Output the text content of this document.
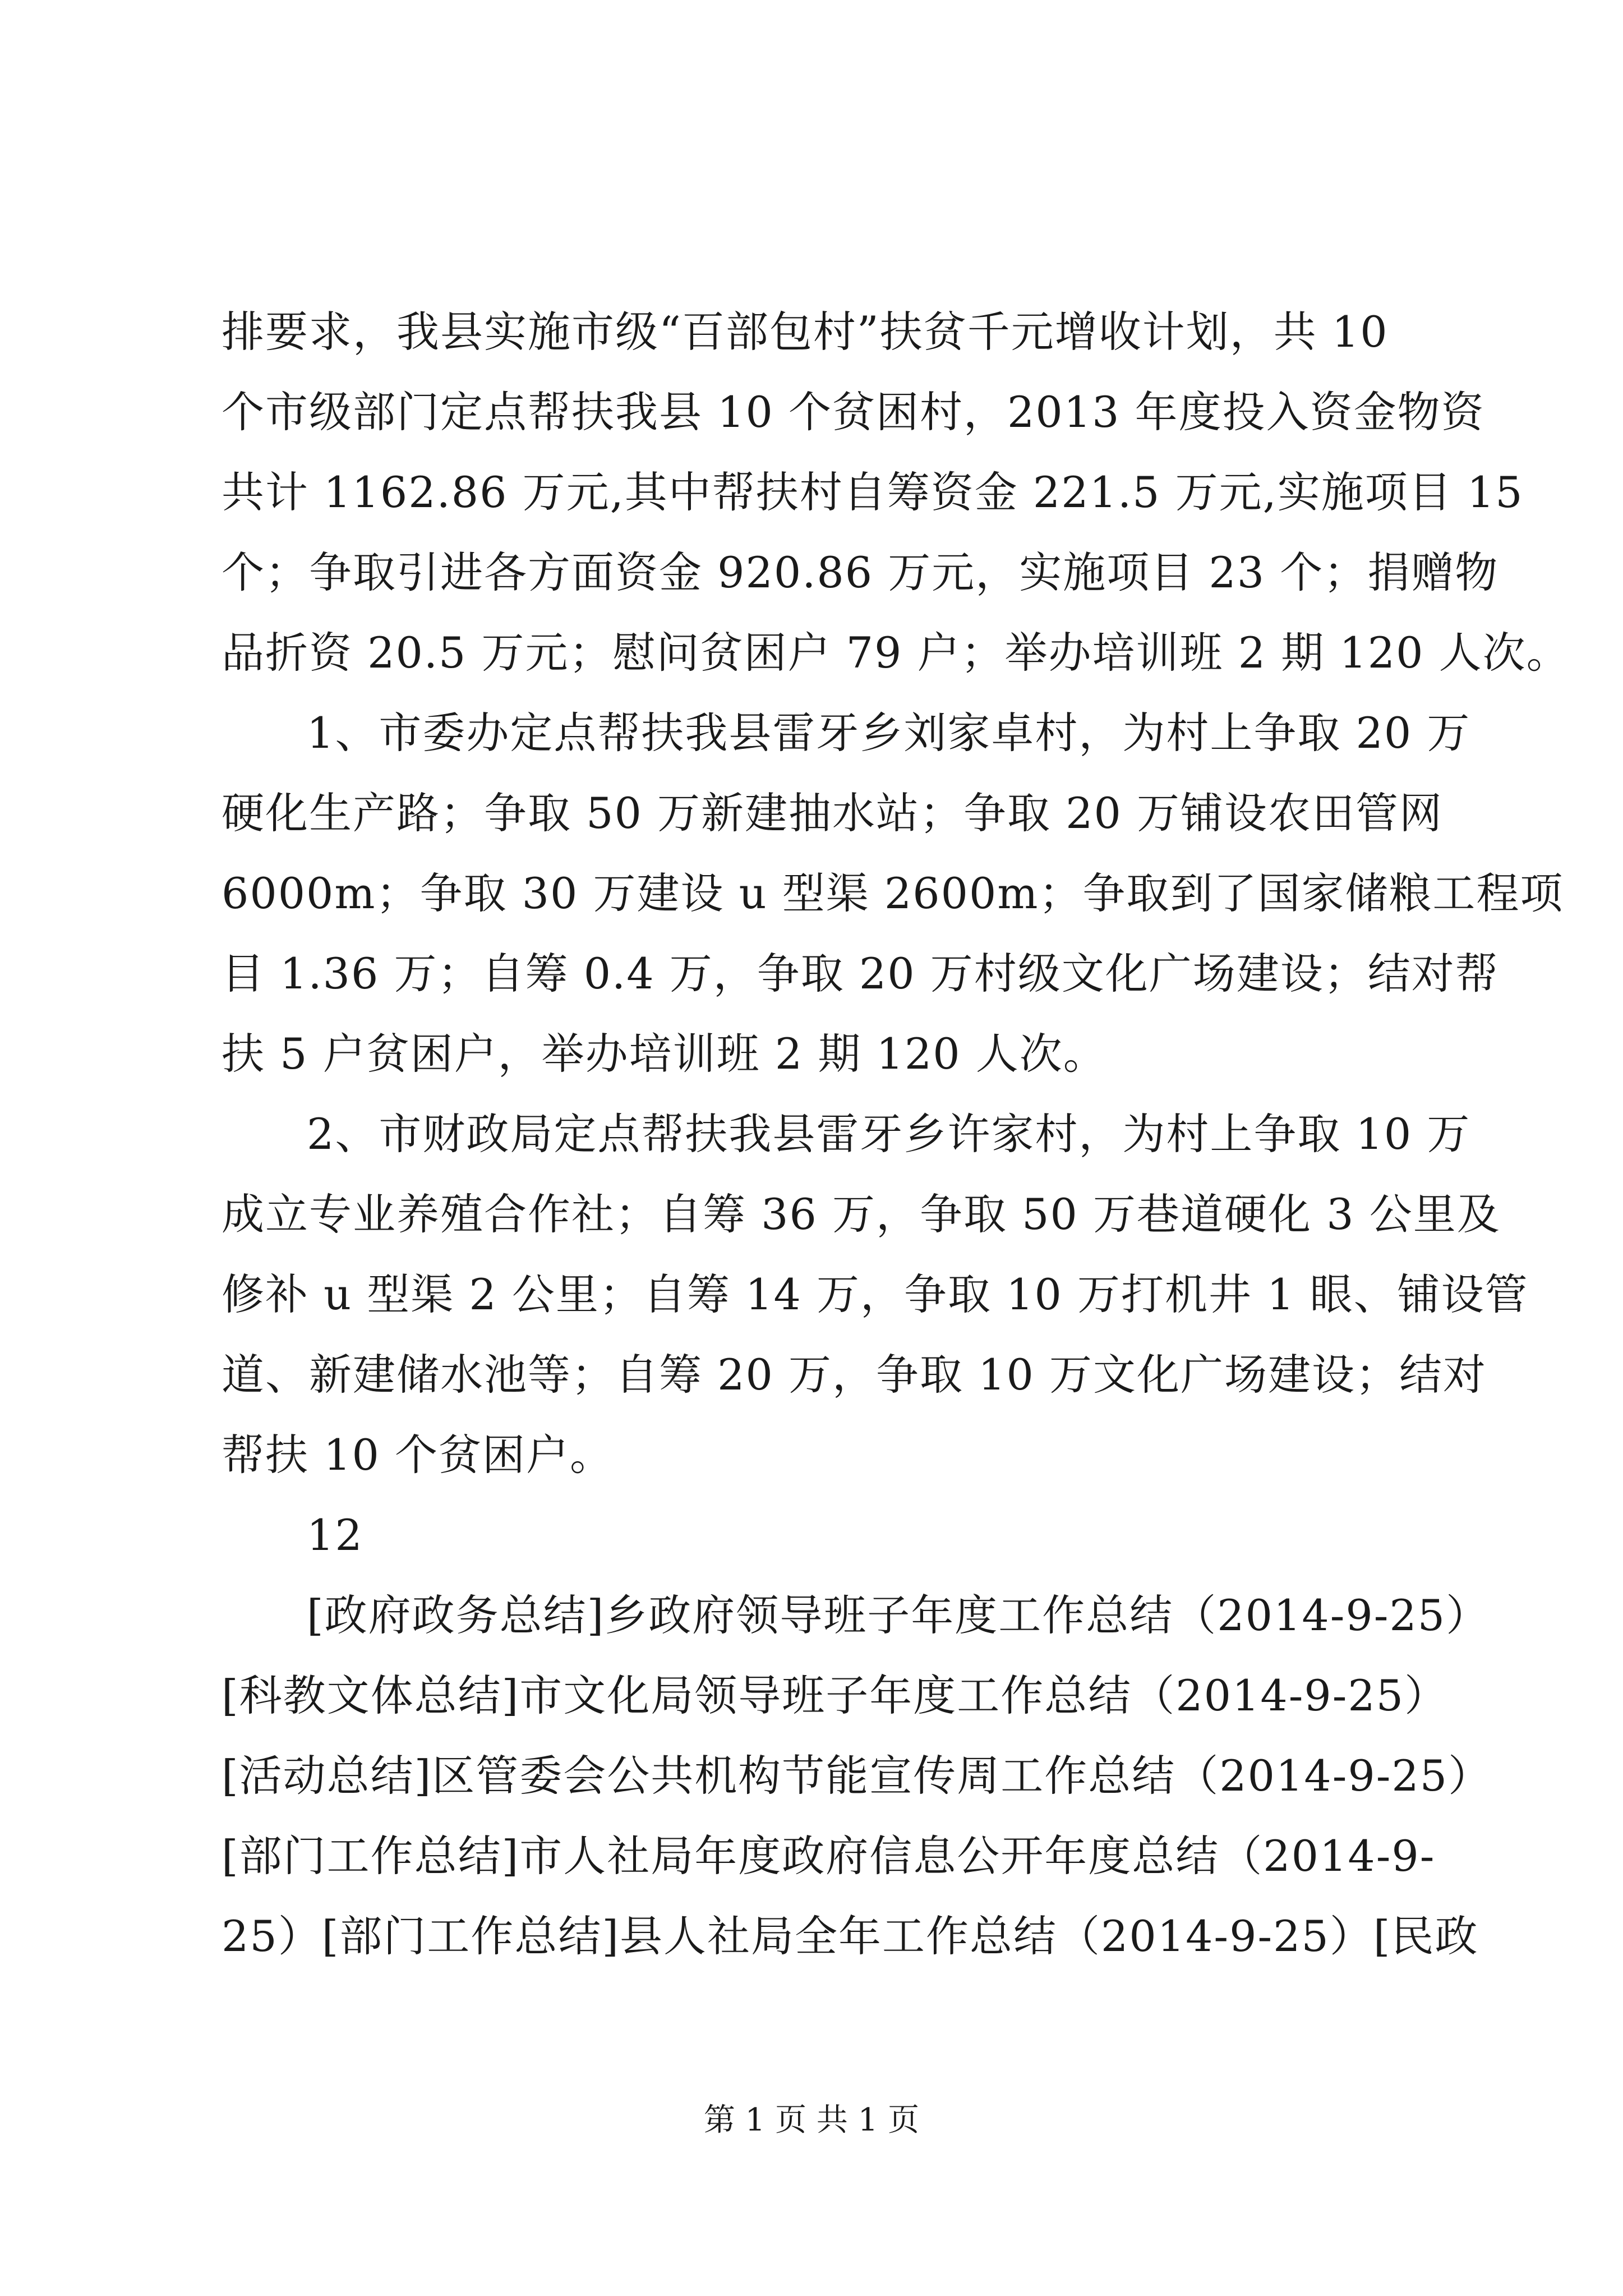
排要求，我县实施市级“百部包村”扶贫千元增收计划，共 10
个市级部门定点帮扶我县 10 个贫困村，2013 年度投入资金物资
共计 1162.86 万元,其中帮扶村自筹资金 221.5 万元,实施项目 15
个；争取引进各方面资金 920.86 万元，实施项目 23 个；捐赠物
品折资 20.5 万元；慰问贫困户 79 户；举办培训班 2 期 120 人次。
1、市委办定点帮扶我县雷牙乡刘家卓村，为村上争取 20 万
硬化生产路；争取 50 万新建抽水站；争取 20 万铺设农田管网
6000m；争取 30 万建设 u 型渠 2600m；争取到了国家储粮工程项
目 1.36 万；自筹 0.4 万，争取 20 万村级文化广场建设；结对帮
扶 5 户贫困户，举办培训班 2 期 120 人次。
2、市财政局定点帮扶我县雷牙乡许家村，为村上争取 10 万
成立专业养殖合作社；自筹 36 万，争取 50 万巷道硬化 3 公里及
修补 u 型渠 2 公里；自筹 14 万，争取 10 万打机井 1 眼、铺设管
道、新建储水池等；自筹 20 万，争取 10 万文化广场建设；结对
帮扶 10 个贫困户。
12
[政府政务总结]乡政府领导班子年度工作总结（2014-9-25）
[科教文体总结]市文化局领导班子年度工作总结（2014-9-25）
[活动总结]区管委会公共机构节能宣传周工作总结（2014-9-25）
[部门工作总结]市人社局年度政府信息公开年度总结（2014-9-
25）[部门工作总结]县人社局全年工作总结（2014-9-25）[民政
第 1 页 共 1 页
